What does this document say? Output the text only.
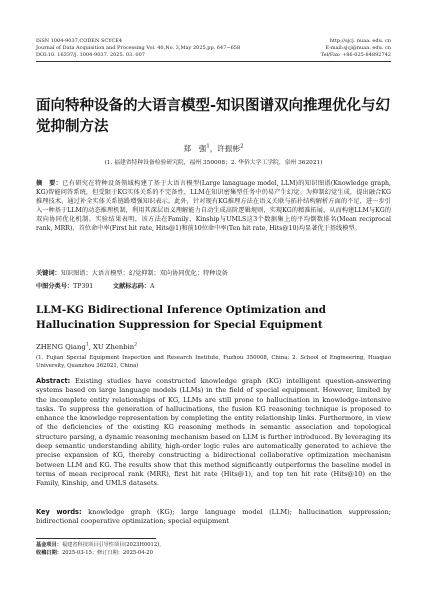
ISSN 1004-9037,CODEN SCYCE4
Journal of Data Acquisition and Processing Vol. 40,No. 3,May 2025,pp. 647−658
DOI:10. 16337/j. 1004-9037. 2025. 03. 007
http://sjcj. nuaa. edu. cn
E-mail:sjcj@nuaa. edu. cn
Tel/Fax: +86-025-84892742
面向特种设备的大语言模型-知识图谱双向推理优化与幻觉抑制方法
郑　强$^1$，许振彬$^2$
(1. 福建省特种设备检验研究院，福州 350008；2. 华侨大学工学院，泉州 362021)
摘　要：已有研究在特种设备领域构建了基于大语言模型(Large lanaguage model, LLM)的知识图谱(Knowledge graph, KG)智能问答系统，但受限于KG实体关系的不完备性，LLM在知识密集型任务中仍易产生幻觉。为抑制幻觉生成，提出融合KG推理技术，通过补全实体关系链路增强知识表示。此外，针对现有KG推理方法在语义关联与拓扑结构解析方面的不足，进一步引入一种基于LLM的动态推理机制，利用其深层语义理解能力自动生成高阶逻辑规则，实现KG的精准拓展，从而构建LLM与KG的双向协同优化机制。实验结果表明，该方法在Family、Kinship与UMLS这3个数据集上的平均倒数排名(Mean reciprocal rank, MRR)、首位命中率(First hit rate, Hits@1)和前10位命中率(Ten hit rate, Hits@10)均显著优于基线模型。
关键词：知识图谱；大语言模型；幻觉抑制；双向协同优化；特种设备
中图分类号：TP391	文献标志码：A
LLM-KG Bidirectional Inference Optimization and Hallucination Suppression for Special Equipment
ZHENG Qiang$^1$, XU Zhenbin$^2$
(1. Fujian Special Equipment Inspection and Research Institute, Fuzhou 350008, China; 2. School of Engineering, Huaqiao University, Quanzhou 362021, China)
Abstract: Existing studies have constructed knowledge graph (KG) intelligent question-answering systems based on large language models (LLMs) in the field of special equipment. However, limited by the incomplete entity relationships of KG, LLMs are still prone to hallucination in knowledge-intensive tasks. To suppress the generation of hallucinations, the fusion KG reasoning technique is proposed to enhance the knowledge representation by completing the entity relationship links. Furthermore, in view of the deficiencies of the existing KG reasoning methods in semantic association and topological structure parsing, a dynamic reasoning mechanism based on LLM is further introduced. By leveraging its deep semantic understanding ability, high-order logic rules are automatically generated to achieve the precise expansion of KG, thereby constructing a bidirectional collaborative optimization mechanism between LLM and KG. The results show that this method significantly outperforms the baseline model in terms of mean reciprocal rank (MRR), first hit rate (Hits@1), and top ten hit rate (Hits@10) on the Family, Kinship, and UMLS datasets.
Key words: knowledge graph (KG); large language model (LLM); hallucination suppression; bidirectional cooperative optimization; special equipment
基金项目：福建省科技项目引导性项目(2023H0012)。
收稿日期：2025-03-15；修订日期：2025-04-20
